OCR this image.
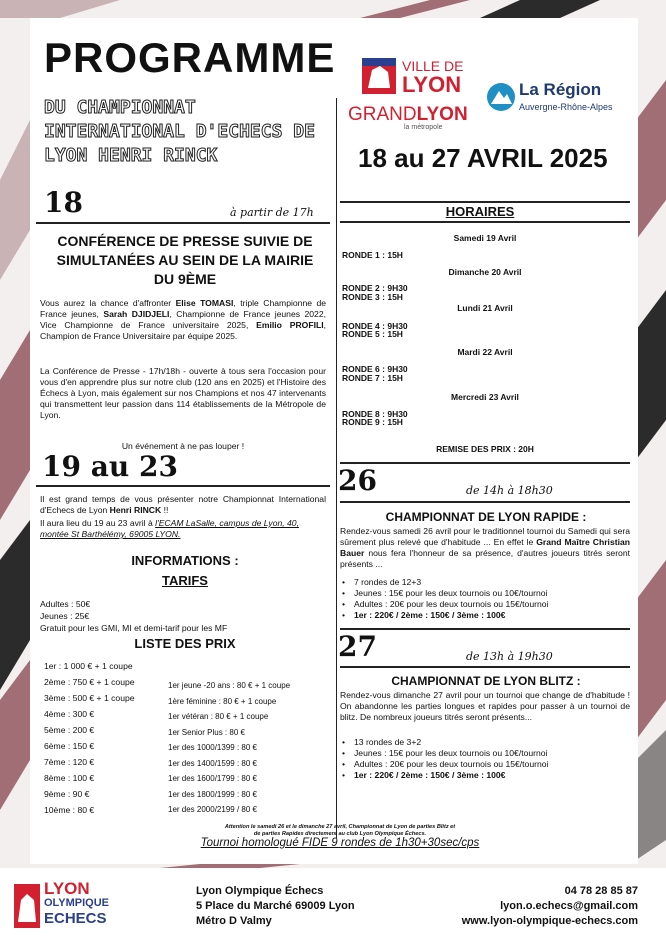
PROGRAMME
DU CHAMPIONNAT INTERNATIONAL D'ECHECS DE LYON HENRI RINCK
VILLE DE
LYON	La Région
Auvergne-Rhône-Alpes
GRANDLYON
la métropole
18 au 27 AVRIL 2025
18	à partir de 17h
CONFÉRENCE DE PRESSE SUIVIE DE SIMULTANÉES AU SEIN DE LA MAIRIE DU 9ÈME
Vous aurez la chance d'affronter Elise TOMASI, triple Championne de France jeunes, Sarah DJIDJELI, Championne de France jeunes 2022, Vice Championne de France universitaire 2025, Emilio PROFILI, Champion de France Universitaire par équipe 2025.
La Conférence de Presse - 17h/18h - ouverte à tous sera l'occasion pour vous d'en apprendre plus sur notre club (120 ans en 2025) et l'Histoire des Échecs à Lyon, mais également sur nos Champions et nos 47 intervenants qui transmettent leur passion dans 114 établissements de la Métropole de Lyon.
Un événement à ne pas louper !
19 au 23
Il est grand temps de vous présenter notre Championnat International d'Echecs de Lyon Henri RINCK !!
Il aura lieu du 19 au 23 avril à l'ECAM LaSalle, campus de Lyon, 40, montée St Barthélémy, 69005 LYON.
INFORMATIONS :
TARIFS
Adultes : 50€
Jeunes : 25€
Gratuit pour les GMI, MI et demi-tarif pour les MF
LISTE DES PRIX
1er : 1 000 € + 1 coupe
2ème : 750 € + 1 coupe
3ème : 500 € + 1 coupe
4ème : 300 €
5ème : 200 €
6ème : 150 €
7ème : 120 €
8ème : 100 €
9ème : 90 €
10ème : 80 €
1er jeune -20 ans : 80 € + 1 coupe
1ère féminine : 80 € + 1 coupe
1er vétéran : 80 € + 1 coupe
1er Senior Plus : 80 €
1er des 1000/1399 : 80 €
1er des 1400/1599 : 80 €
1er des 1600/1799 : 80 €
1er des 1800/1999 : 80 €
1er des 2000/2199 / 80 €
HORAIRES
Samedi 19 Avril
RONDE 1 : 15H
Dimanche 20 Avril
RONDE 2 : 9H30
RONDE 3 : 15H
Lundi 21 Avril
RONDE 4 : 9H30
RONDE 5 : 15H
Mardi 22 Avril
RONDE 6 : 9H30
RONDE 7 : 15H
Mercredi 23 Avril
RONDE 8 : 9H30
RONDE 9 : 15H
REMISE DES PRIX : 20H
26	de 14h à 18h30
CHAMPIONNAT DE LYON RAPIDE :
Rendez-vous samedi 26 avril pour le traditionnel tournoi du Samedi qui sera sûrement plus relevé que d'habitude ... En effet le Grand Maître Christian Bauer nous fera l'honneur de sa présence, d'autres joueurs titrés seront présents ...
• 7 rondes de 12+3
• Jeunes : 15€ pour les deux tournois ou 10€/tournoi
• Adultes : 20€ pour les deux tournois ou 15€/tournoi
• 1er : 220€ / 2ème : 150€ / 3ème : 100€
27	de 13h à 19h30
CHAMPIONNAT DE LYON BLITZ :
Rendez-vous dimanche 27 avril pour un tournoi que change de d'habitude ! On abandonne les parties longues et rapides pour passer à un tournoi de blitz. De nombreux joueurs titrés seront présents...
• 13 rondes de 3+2
• Jeunes : 15€ pour les deux tournois ou 10€/tournoi
• Adultes : 20€ pour les deux tournois ou 15€/tournoi
• 1er : 220€ / 2ème : 150€ / 3ème : 100€
Attention le samedi 26 et le dimanche 27 avril, Championnat de Lyon de parties Blitz et
de parties Rapides directement au club Lyon Olympique Échecs.
Tournoi homologué FIDE 9 rondes de 1h30+30sec/cps
LYON
OLYMPIQUE
ECHECS
Lyon Olympique Échecs
5 Place du Marché 69009 Lyon
Métro D Valmy
04 78 28 85 87
lyon.o.echecs@gmail.com
www.lyon-olympique-echecs.com
